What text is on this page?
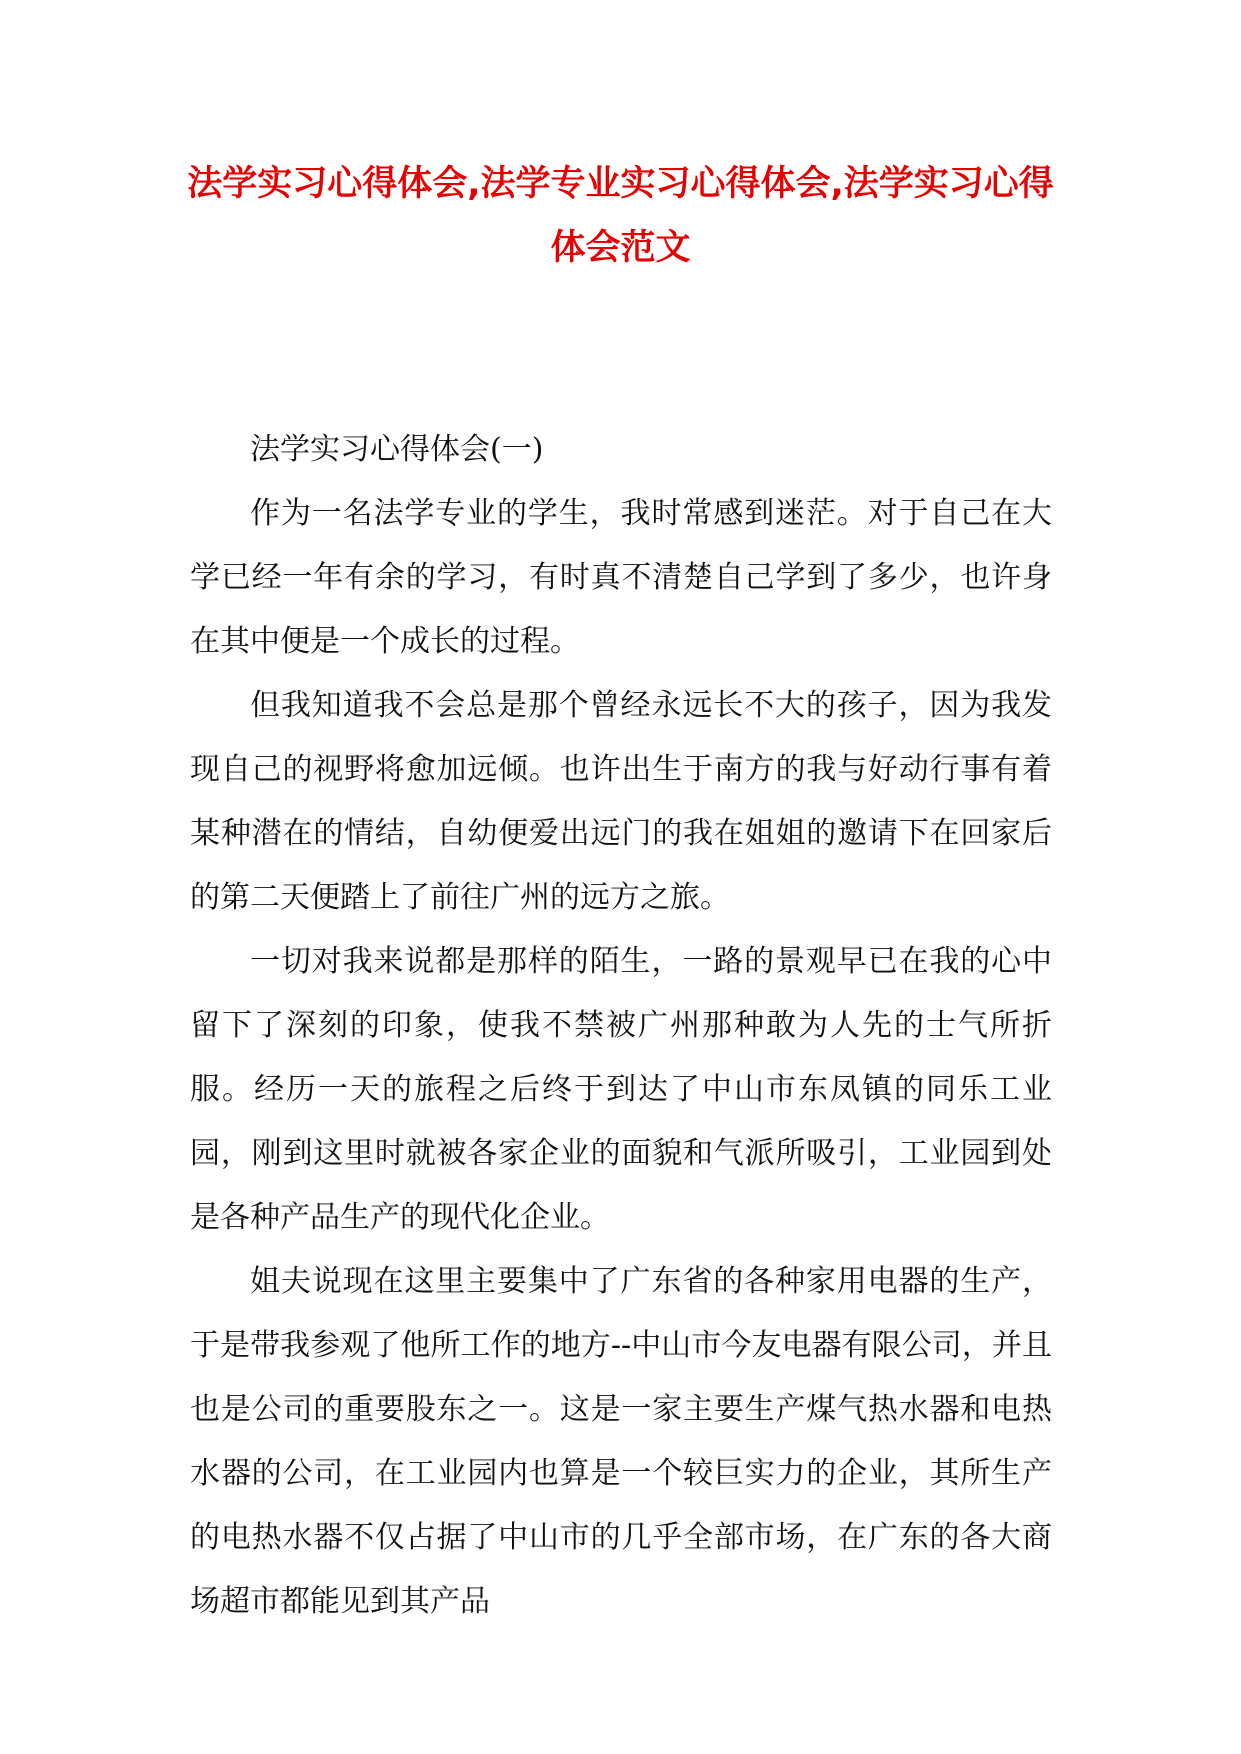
法学实习心得体会,法学专业实习心得体会,法学实习心得体会范文

法学实习心得体会(一)

作为一名法学专业的学生，我时常感到迷茫。对于自己在大学已经一年有余的学习，有时真不清楚自己学到了多少，也许身在其中便是一个成长的过程。

但我知道我不会总是那个曾经永远长不大的孩子，因为我发现自己的视野将愈加远倾。也许出生于南方的我与好动行事有着某种潜在的情结，自幼便爱出远门的我在姐姐的邀请下在回家后的第二天便踏上了前往广州的远方之旅。

一切对我来说都是那样的陌生，一路的景观早已在我的心中留下了深刻的印象，使我不禁被广州那种敢为人先的士气所折服。经历一天的旅程之后终于到达了中山市东凤镇的同乐工业园，刚到这里时就被各家企业的面貌和气派所吸引，工业园到处是各种产品生产的现代化企业。

姐夫说现在这里主要集中了广东省的各种家用电器的生产，于是带我参观了他所工作的地方--中山市今友电器有限公司，并且也是公司的重要股东之一。这是一家主要生产煤气热水器和电热水器的公司，在工业园内也算是一个较巨实力的企业，其所生产的电热水器不仅占据了中山市的几乎全部市场，在广东的各大商场超市都能见到其产品
